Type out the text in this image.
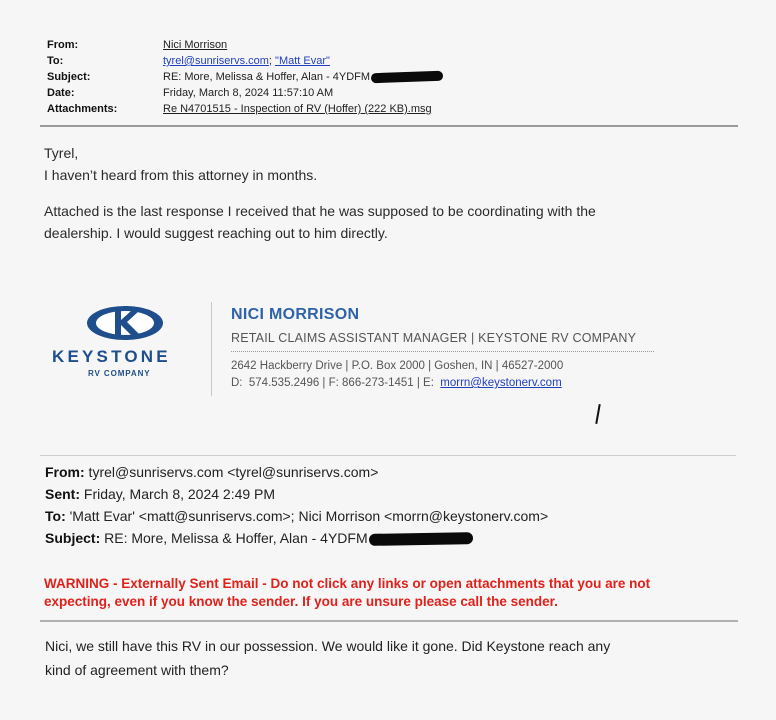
From:	Nici Morrison
To:	tyrel@sunriservs.com; "Matt Evar"
Subject:	RE: More, Melissa & Hoffer, Alan - 4YDFM
Date:	Friday, March 8, 2024 11:57:10 AM
Attachments:	Re N4701515 - Inspection of RV (Hoffer) (222 KB).msg

Tyrel,

I haven’t heard from this attorney in months.

Attached is the last response I received that he was supposed to be coordinating with the

dealership. I would suggest reaching out to him directly.

KEYSTONE
RV COMPANY
NICI MORRISON
RETAIL CLAIMS ASSISTANT MANAGER | KEYSTONE RV COMPANY
2642 Hackberry Drive | P.O. Box 2000 | Goshen, IN | 46527-2000
D:  574.535.2496 | F: 866-273-1451 | E:  morrn@keystonerv.com
From: tyrel@sunriservs.com <tyrel@sunriservs.com>
Sent: Friday, March 8, 2024 2:49 PM
To: 'Matt Evar' <matt@sunriservs.com>; Nici Morrison <morrn@keystonerv.com>
Subject: RE: More, Melissa & Hoffer, Alan - 4YDFM
WARNING - Externally Sent Email - Do not click any links or open attachments that you are not
expecting, even if you know the sender. If you are unsure please call the sender.
Nici, we still have this RV in our possession. We would like it gone. Did Keystone reach any
kind of agreement with them?
